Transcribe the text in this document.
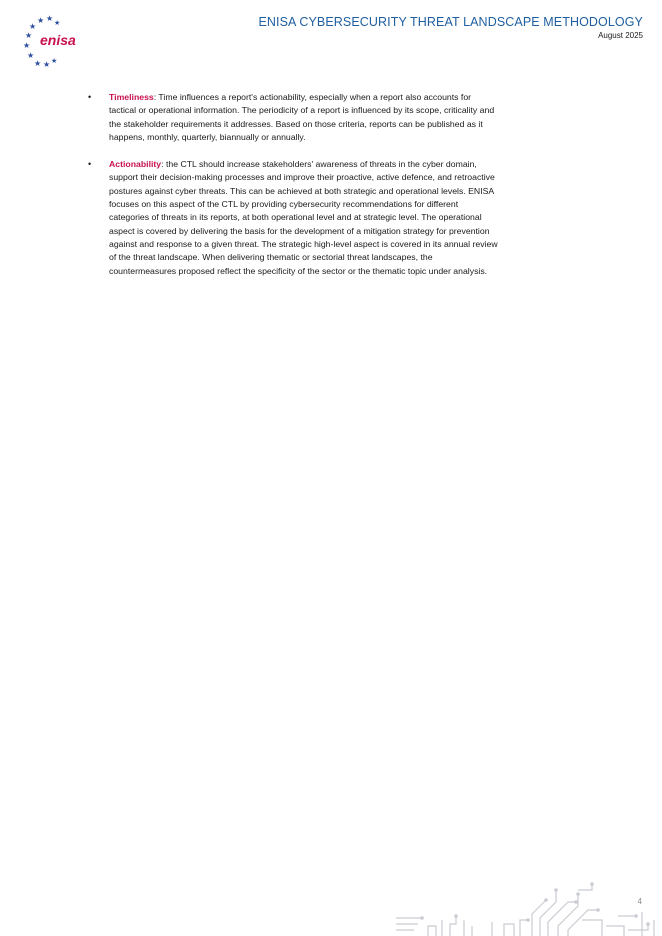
★ ★ ★
★
★
★
★
★ ★ ★
enisa
ENISA CYBERSECURITY THREAT LANDSCAPE METHODOLOGY
August 2025
• Timeliness: Time influences a report's actionability, especially when a report also accounts for tactical or operational information. The periodicity of a report is influenced by its scope, criticality and the stakeholder requirements it addresses. Based on those criteria, reports can be published as it happens, monthly, quarterly, biannually or annually.
• Actionability: the CTL should increase stakeholders' awareness of threats in the cyber domain, support their decision-making processes and improve their proactive, active defence, and retroactive postures against cyber threats. This can be achieved at both strategic and operational levels. ENISA focuses on this aspect of the CTL by providing cybersecurity recommendations for different categories of threats in its reports, at both operational level and at strategic level. The operational aspect is covered by delivering the basis for the development of a mitigation strategy for prevention against and response to a given threat. The strategic high-level aspect is covered in its annual review of the threat landscape. When delivering thematic or sectorial threat landscapes, the countermeasures proposed reflect the specificity of the sector or the thematic topic under analysis.
4
